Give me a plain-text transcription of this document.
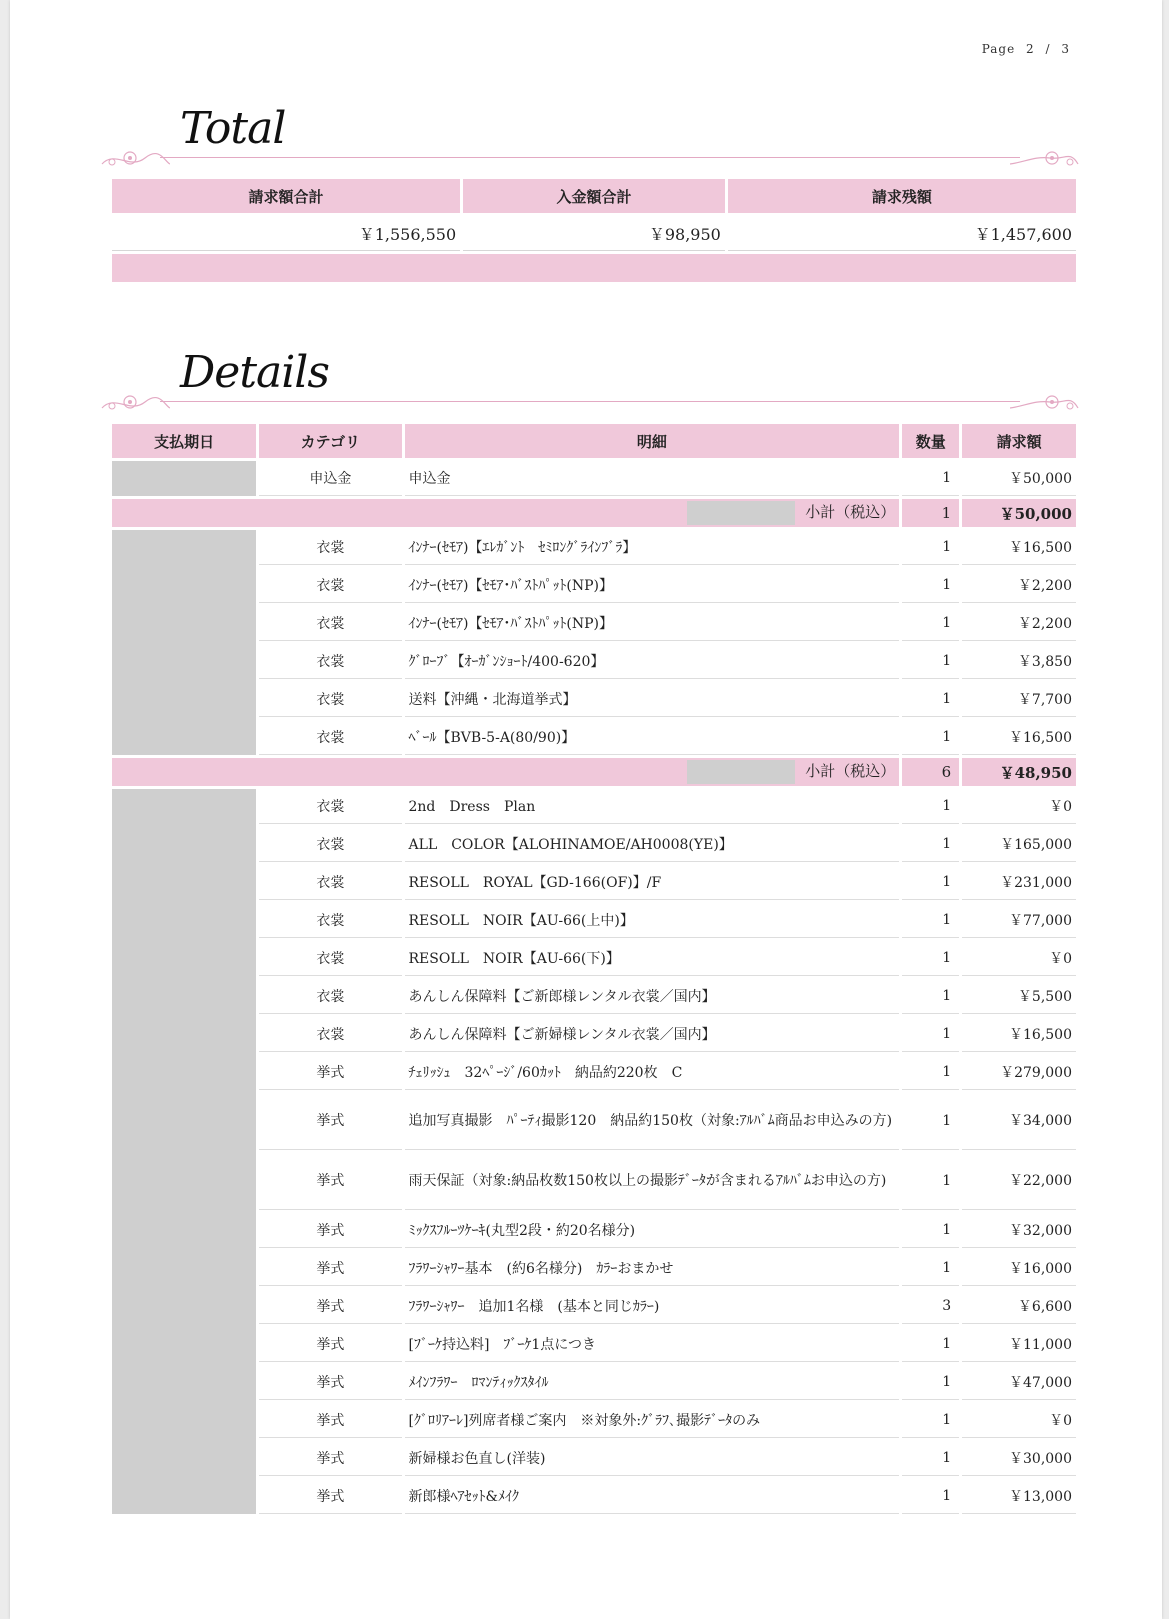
Page 2 / 3
Total
請求額合計	入金額合計	請求残額
￥1,556,550	￥98,950	￥1,457,600

Details
支払期日	カテゴリ	明細	数量	請求額
	申込金	申込金	1	￥50,000
小計（税込）			1	￥50,000
	衣裳	ｲﾝﾅｰ(ｾﾓｱ)【ｴﾚｶﾞﾝﾄ　ｾﾐﾛﾝｸﾞﾗｲﾝﾌﾞﾗ】	1	￥16,500
	衣裳	ｲﾝﾅｰ(ｾﾓｱ)【ｾﾓｱ･ﾊﾞｽﾄﾊﾟｯﾄ(NP)】	1	￥2,200
	衣裳	ｲﾝﾅｰ(ｾﾓｱ)【ｾﾓｱ･ﾊﾞｽﾄﾊﾟｯﾄ(NP)】	1	￥2,200
	衣裳	ｸﾞﾛｰﾌﾞ【ｵｰｶﾞﾝｼｮｰﾄ/400-620】	1	￥3,850
	衣裳	送料【沖縄・北海道挙式】	1	￥7,700
	衣裳	ﾍﾞｰﾙ【BVB-5-A(80/90)】	1	￥16,500
小計（税込）			6	￥48,950
	衣裳	2nd　Dress　Plan	1	￥0
	衣裳	ALL　COLOR【ALOHINAMOE/AH0008(YE)】	1	￥165,000
	衣裳	RESOLL　ROYAL【GD-166(OF)】/F	1	￥231,000
	衣裳	RESOLL　NOIR【AU-66(上中)】	1	￥77,000
	衣裳	RESOLL　NOIR【AU-66(下)】	1	￥0
	衣裳	あんしん保障料【ご新郎様レンタル衣裳／国内】	1	￥5,500
	衣裳	あんしん保障料【ご新婦様レンタル衣裳／国内】	1	￥16,500
	挙式	ﾁｪﾘｯｼｭ　32ﾍﾟｰｼﾞ/60ｶｯﾄ　納品約220枚　C	1	￥279,000
	挙式	追加写真撮影　ﾊﾟｰﾃｨ撮影120　納品約150枚（対象:ｱﾙﾊﾞﾑ商品お申込みの方)	1	￥34,000
	挙式	雨天保証（対象:納品枚数150枚以上の撮影ﾃﾞｰﾀが含まれるｱﾙﾊﾞﾑお申込の方)	1	￥22,000
	挙式	ﾐｯｸｽﾌﾙｰﾂｹｰｷ(丸型2段・約20名様分)	1	￥32,000
	挙式	ﾌﾗﾜｰｼｬﾜｰ基本　(約6名様分)　ｶﾗｰおまかせ	1	￥16,000
	挙式	ﾌﾗﾜｰｼｬﾜｰ　追加1名様　(基本と同じｶﾗｰ)	3	￥6,600
	挙式	[ﾌﾞｰｹ持込料]　ﾌﾞｰｹ1点につき	1	￥11,000
	挙式	ﾒｲﾝﾌﾗﾜｰ　ﾛﾏﾝﾃｨｯｸｽﾀｲﾙ	1	￥47,000
	挙式	[ｸﾞﾛﾘｱｰﾚ]列席者様ご案内　※対象外:ｸﾞﾗﾌ､撮影ﾃﾞｰﾀのみ	1	￥0
	挙式	新婦様お色直し(洋装)	1	￥30,000
	挙式	新郎様ﾍｱｾｯﾄ&ﾒｲｸ	1	￥13,000
